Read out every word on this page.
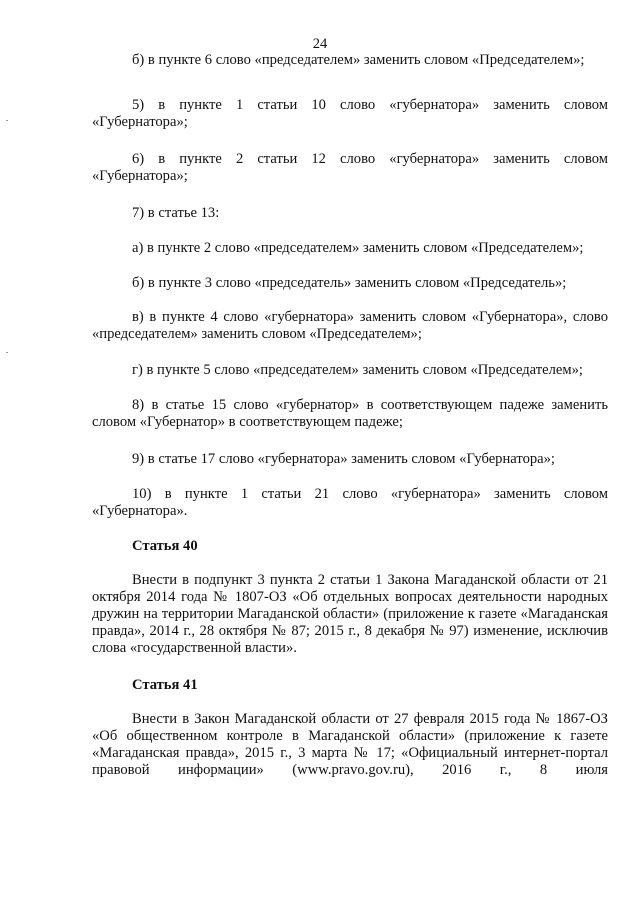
24

б) в пункте 6 слово «председателем» заменить словом «Председателем»;

5) в пункте 1 статьи 10 слово «губернатора» заменить словом «Губернатора»;

6) в пункте 2 статьи 12 слово «губернатора» заменить словом «Губернатора»;

7) в статье 13:

а) в пункте 2 слово «председателем» заменить словом «Председателем»;

б) в пункте 3 слово «председатель» заменить словом «Председатель»;

в) в пункте 4 слово «губернатора» заменить словом «Губернатора», слово «председателем» заменить словом «Председателем»;

г) в пункте 5 слово «председателем» заменить словом «Председателем»;

8) в статье 15 слово «губернатор» в соответствующем падеже заменить словом «Губернатор» в соответствующем падеже;

9) в статье 17 слово «губернатора» заменить словом «Губернатора»;

10) в пункте 1 статьи 21 слово «губернатора» заменить словом «Губернатора».

Статья 40

Внести в подпункт 3 пункта 2 статьи 1 Закона Магаданской области от 21 октября 2014 года № 1807-ОЗ «Об отдельных вопросах деятельности народных дружин на территории Магаданской области» (приложение к газете «Магаданская правда», 2014 г., 28 октября № 87; 2015 г., 8 декабря № 97) изменение, исключив слова «государственной власти».

Статья 41

Внести в Закон Магаданской области от 27 февраля 2015 года № 1867-ОЗ «Об общественном контроле в Магаданской области» (приложение к газете «Магаданская правда», 2015 г., 3 марта № 17; «Официальный интернет-портал правовой информации» (www.pravo.gov.ru), 2016 г., 8 июля
